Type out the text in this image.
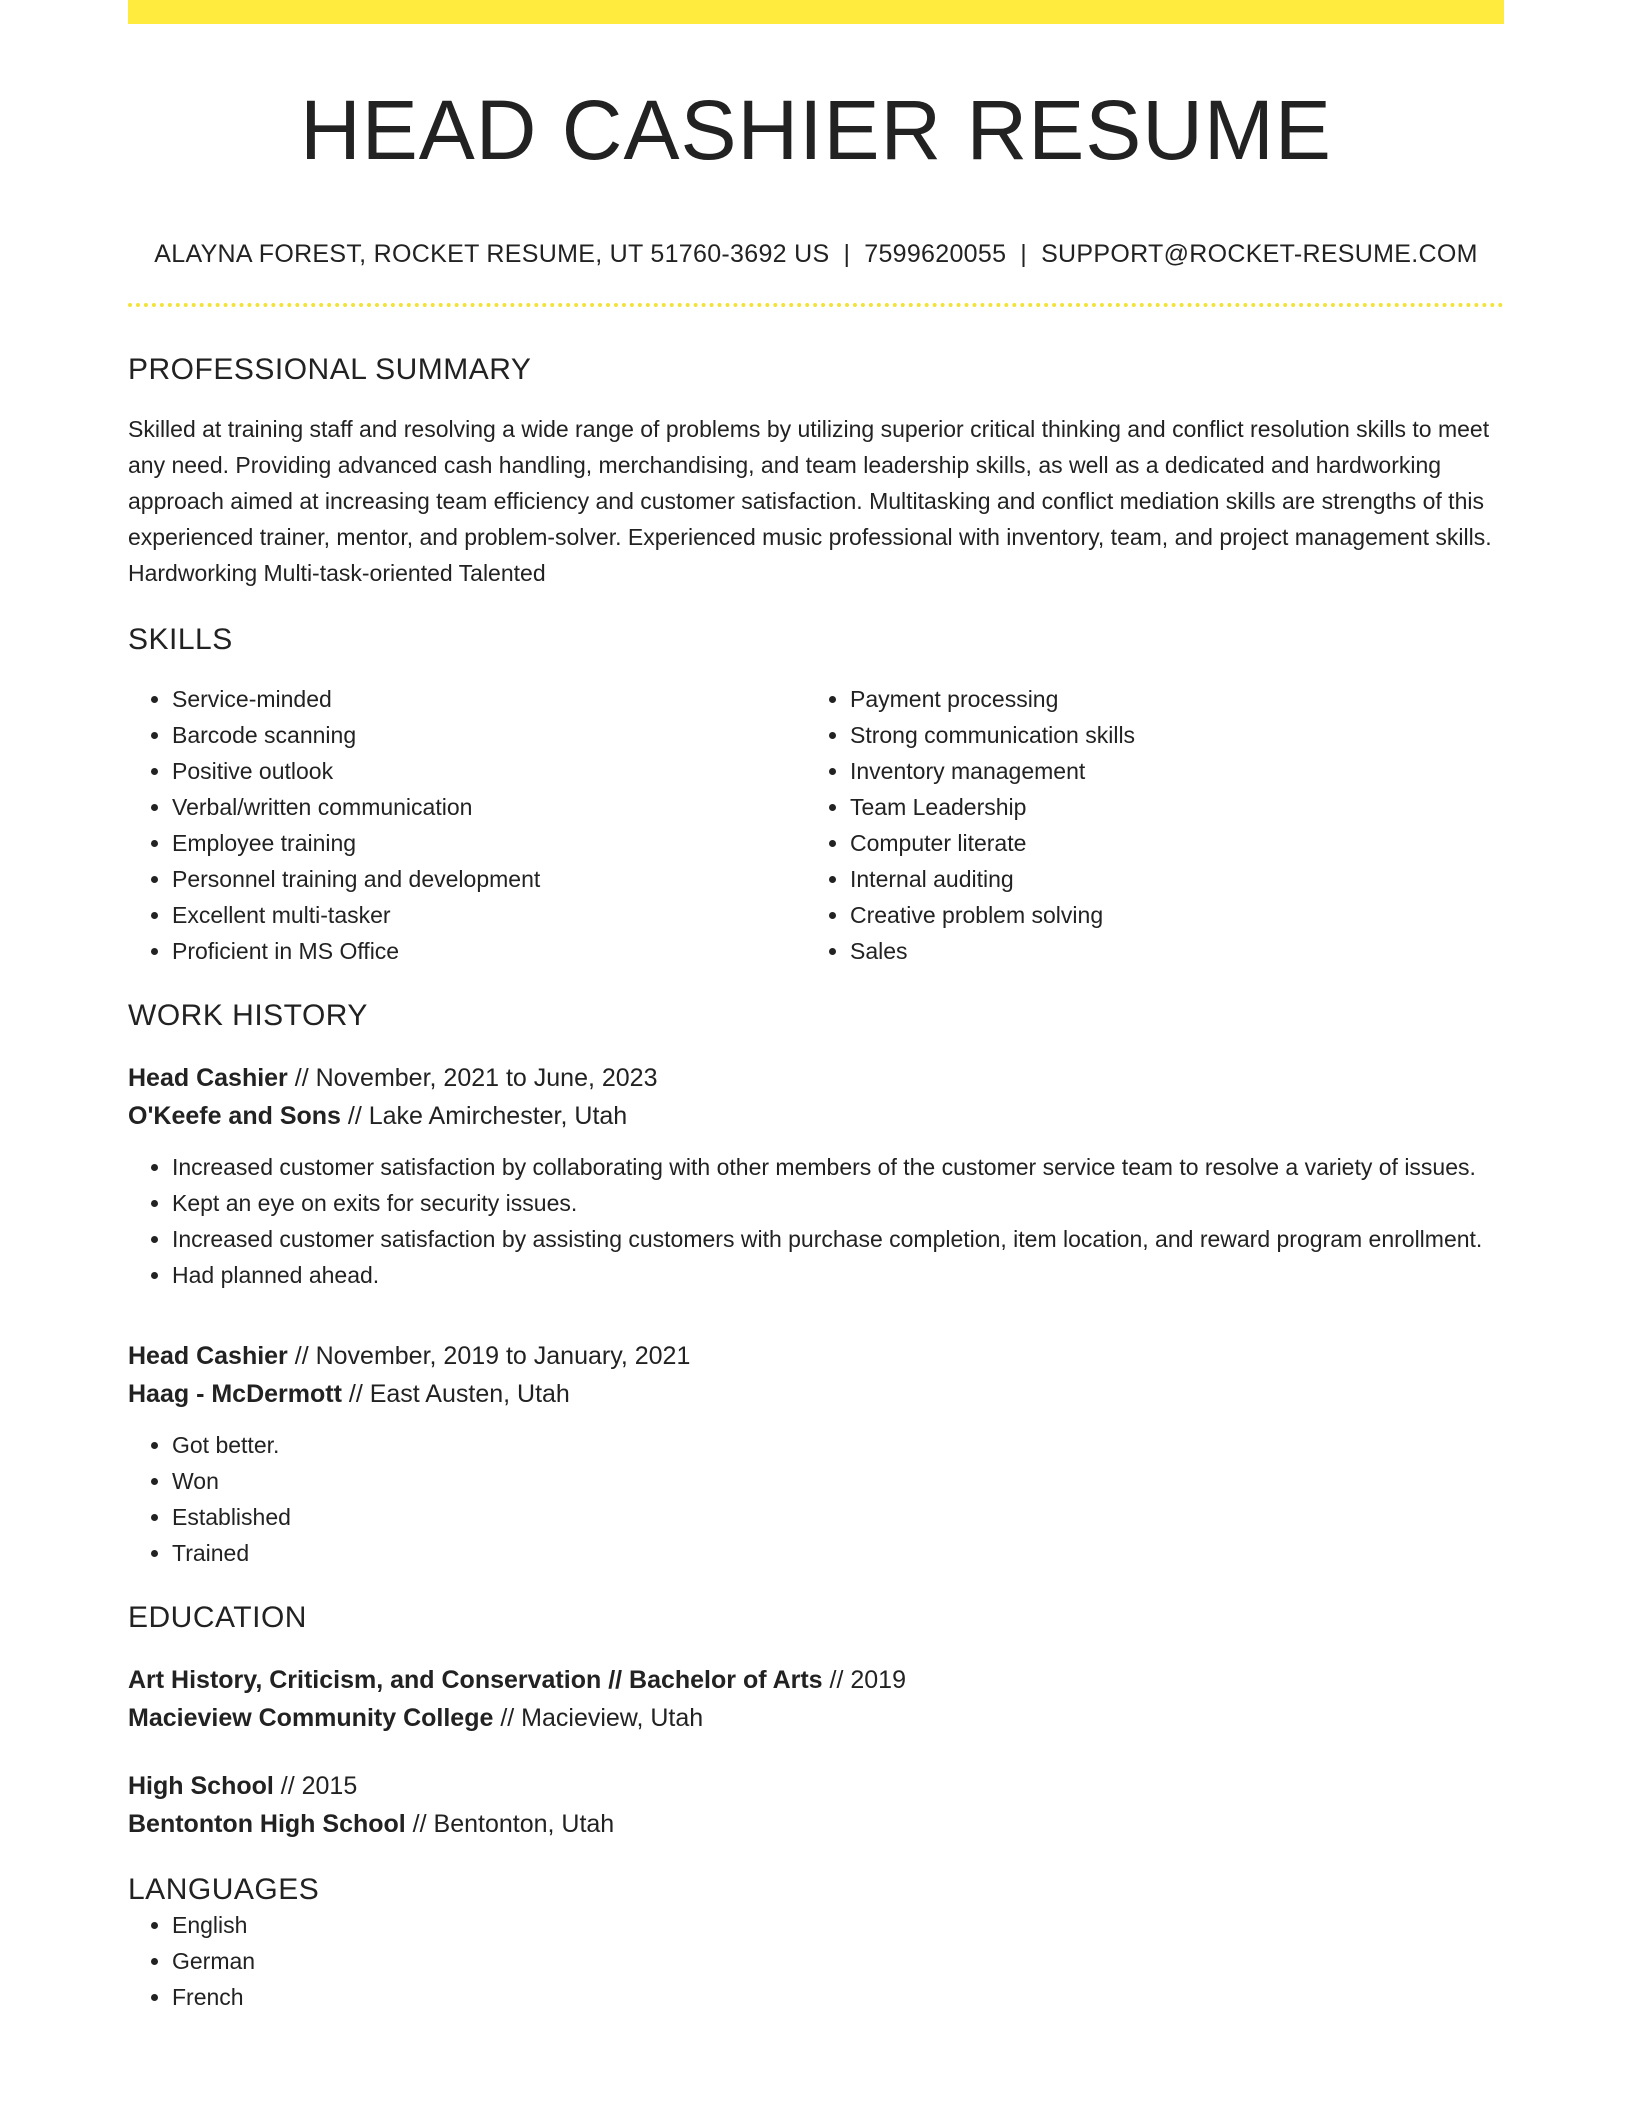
HEAD CASHIER RESUME
ALAYNA FOREST, ROCKET RESUME, UT 51760-3692 US | 7599620055 | SUPPORT@ROCKET-RESUME.COM
PROFESSIONAL SUMMARY
Skilled at training staff and resolving a wide range of problems by utilizing superior critical thinking and conflict resolution skills to meet any need. Providing advanced cash handling, merchandising, and team leadership skills, as well as a dedicated and hardworking approach aimed at increasing team efficiency and customer satisfaction. Multitasking and conflict mediation skills are strengths of this experienced trainer, mentor, and problem-solver. Experienced music professional with inventory, team, and project management skills. Hardworking Multi-task-oriented Talented
SKILLS
• Service-minded
• Barcode scanning
• Positive outlook
• Verbal/written communication
• Employee training
• Personnel training and development
• Excellent multi-tasker
• Proficient in MS Office
• Payment processing
• Strong communication skills
• Inventory management
• Team Leadership
• Computer literate
• Internal auditing
• Creative problem solving
• Sales
WORK HISTORY
Head Cashier // November, 2021 to June, 2023
O'Keefe and Sons // Lake Amirchester, Utah
• Increased customer satisfaction by collaborating with other members of the customer service team to resolve a variety of issues.
• Kept an eye on exits for security issues.
• Increased customer satisfaction by assisting customers with purchase completion, item location, and reward program enrollment.
• Had planned ahead.
Head Cashier // November, 2019 to January, 2021
Haag - McDermott // East Austen, Utah
• Got better.
• Won
• Established
• Trained
EDUCATION
Art History, Criticism, and Conservation // Bachelor of Arts // 2019
Macieview Community College // Macieview, Utah
High School // 2015
Bentonton High School // Bentonton, Utah
LANGUAGES
• English
• German
• French
